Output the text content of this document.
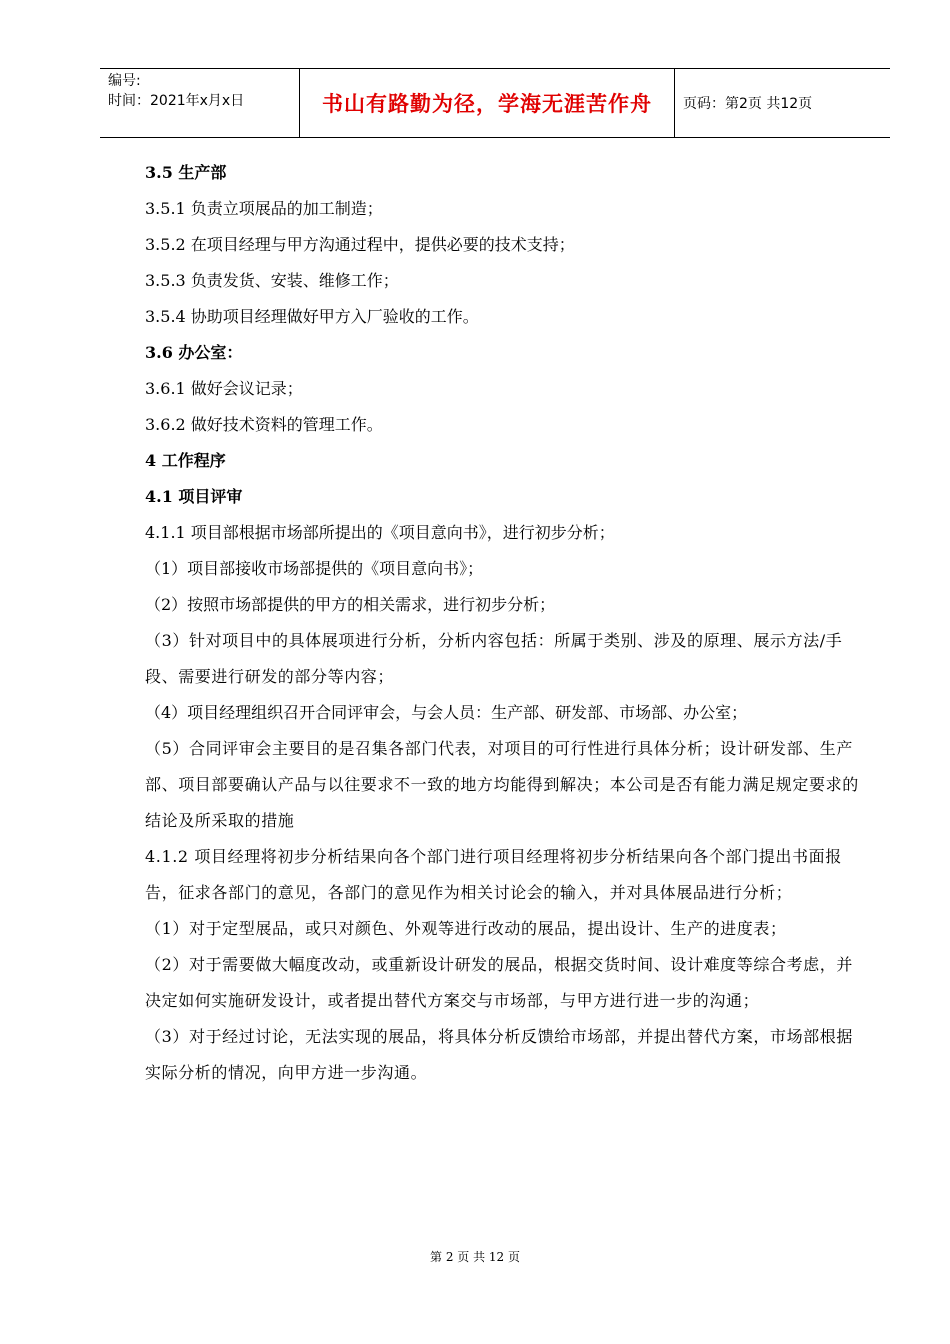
编号:
时间：2021年x月x日	书山有路勤为径，学海无涯苦作舟	页码：第2页 共12页

3.5 生产部

3.5.1 负责立项展品的加工制造；

3.5.2 在项目经理与甲方沟通过程中，提供必要的技术支持；

3.5.3 负责发货、安装、维修工作；

3.5.4 协助项目经理做好甲方入厂验收的工作。

3.6 办公室：

3.6.1 做好会议记录；

3.6.2 做好技术资料的管理工作。

4 工作程序

4.1 项目评审

4.1.1 项目部根据市场部所提出的《项目意向书》，进行初步分析；

（1）项目部接收市场部提供的《项目意向书》；

（2）按照市场部提供的甲方的相关需求，进行初步分析；

（3）针对项目中的具体展项进行分析，分析内容包括：所属于类别、涉及的原理、展示方法/手段、需要进行研发的部分等内容；

（4）项目经理组织召开合同评审会，与会人员：生产部、研发部、市场部、办公室；

（5）合同评审会主要目的是召集各部门代表，对项目的可行性进行具体分析；设计研发部、生产部、项目部要确认产品与以往要求不一致的地方均能得到解决；本公司是否有能力满足规定要求的结论及所采取的措施

4.1.2 项目经理将初步分析结果向各个部门进行项目经理将初步分析结果向各个部门提出书面报告，征求各部门的意见，各部门的意见作为相关讨论会的输入，并对具体展品进行分析；

（1）对于定型展品，或只对颜色、外观等进行改动的展品，提出设计、生产的进度表；

（2）对于需要做大幅度改动，或重新设计研发的展品，根据交货时间、设计难度等综合考虑，并决定如何实施研发设计，或者提出替代方案交与市场部，与甲方进行进一步的沟通；

（3）对于经过讨论，无法实现的展品，将具体分析反馈给市场部，并提出替代方案，市场部根据实际分析的情况，向甲方进一步沟通。

第 2 页 共 12 页
